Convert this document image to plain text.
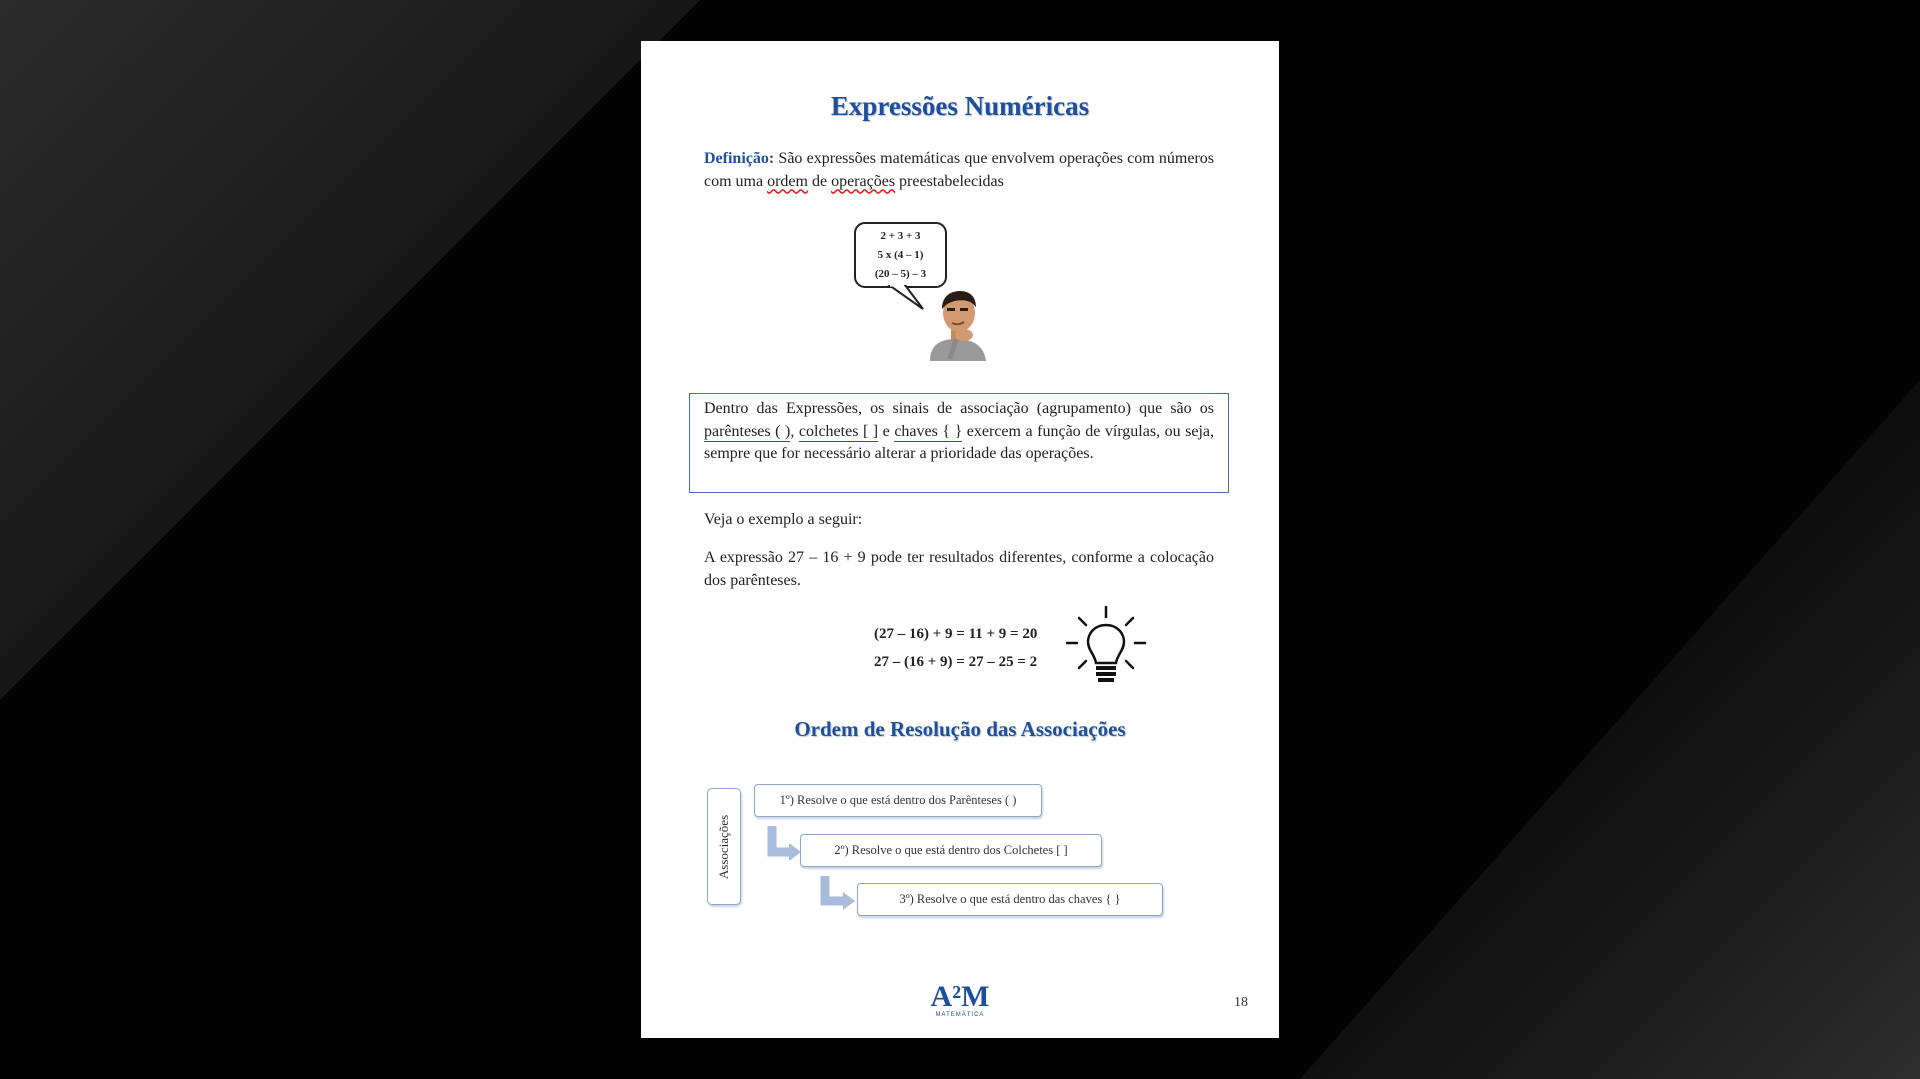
Expressões Numéricas

Definição: São expressões matemáticas que envolvem operações com números com uma ordem de operações preestabelecidas

2 + 3 + 3
5 x (4 – 1)
(20 – 5) – 3

Dentro das Expressões, os sinais de associação (agrupamento) que são os parênteses ( ), colchetes [ ] e chaves { } exercem a função de vírgulas, ou seja, sempre que for necessário alterar a prioridade das operações.

Veja o exemplo a seguir:

A expressão 27 – 16 + 9 pode ter resultados diferentes, conforme a colocação dos parênteses.

(27 – 16) + 9 = 11 + 9 = 20
27 – (16 + 9) = 27 – 25 = 2
Ordem de Resolução das Associações
Associações
1º) Resolve o que está dentro dos Parênteses ( )
2º) Resolve o que está dentro dos Colchetes [ ]
3º) Resolve o que está dentro das chaves { }
A²M
MATEMÁTICA
18
